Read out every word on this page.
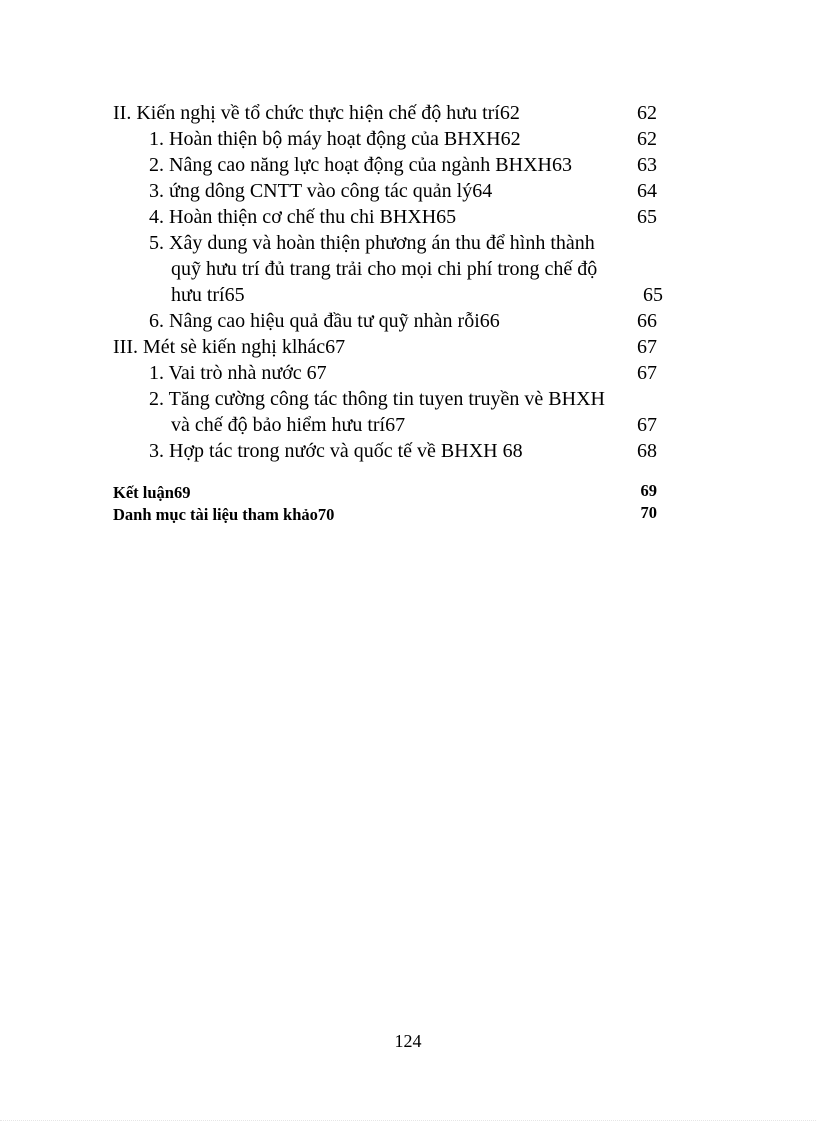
II. Kiến nghị về tổ chức thực hiện chế độ hưu trí62	62
1. Hoàn thiện bộ máy hoạt động của BHXH62	62
2. Nâng cao năng lực hoạt động của ngành BHXH63	63
3. ứng dông CNTT vào công tác quản lý64	64
4. Hoàn thiện cơ chế thu chi BHXH65	65
5. Xây dung và hoàn thiện phương án thu để hình thành
quỹ hưu trí đủ trang trải cho mọi chi phí trong chế độ
hưu trí65	65
6. Nâng cao hiệu quả đầu tư quỹ nhàn rỗi66	66
III. Mét sè kiến nghị klhác67	67
1. Vai trò nhà nước 67	67
2. Tăng cường công tác thông tin tuyen truyền vè BHXH
và chế độ bảo hiểm hưu trí67	67
3. Hợp tác trong nước và quốc tế về BHXH 68	68
Kết luận69	69
Danh mục tài liệu tham khảo70	70
124
